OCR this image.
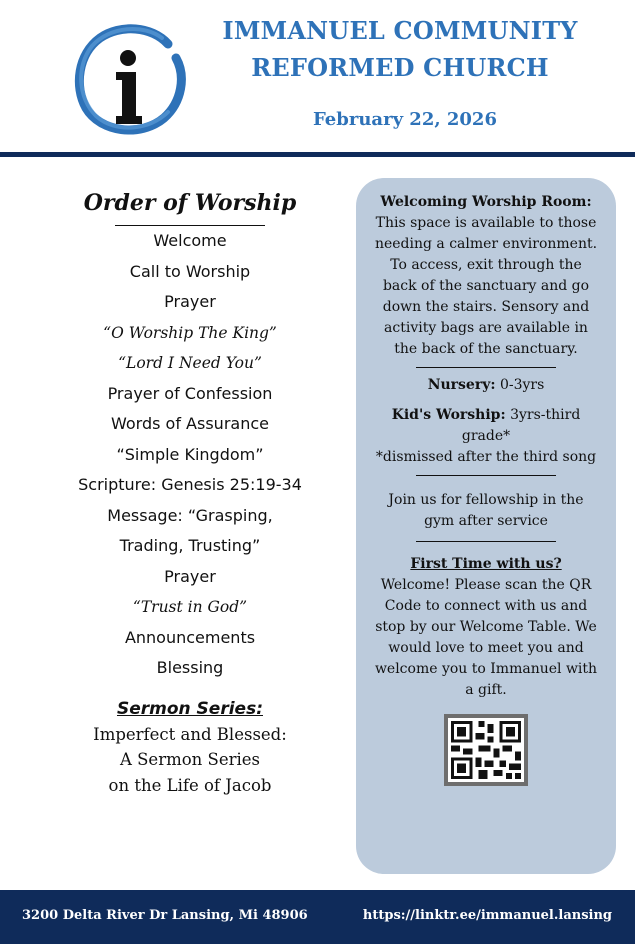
IMMANUEL COMMUNITY
REFORMED CHURCH
February 22, 2026
Order of Worship
Welcome
Call to Worship
Prayer
“O Worship The King”
“Lord I Need You”
Prayer of Confession
Words of Assurance
“Simple Kingdom”
Scripture: Genesis 25:19-34
Message: “Grasping,
Trading, Trusting”
Prayer
“Trust in God”
Announcements
Blessing
Sermon Series:
Imperfect and Blessed:
A Sermon Series
on the Life of Jacob
Welcoming Worship Room:
This space is available to those needing a calmer environment. To access, exit through the back of the sanctuary and go down the stairs. Sensory and activity bags are available in the back of the sanctuary.
Nursery: 0-3yrs
Kid's Worship: 3yrs-third grade*
*dismissed after the third song
Join us for fellowship in the gym after service
First Time with us?
Welcome! Please scan the QR Code to connect with us and stop by our Welcome Table. We would love to meet you and welcome you to Immanuel with a gift.
3200 Delta River Dr Lansing, Mi 48906	https://linktr.ee/immanuel.lansing
